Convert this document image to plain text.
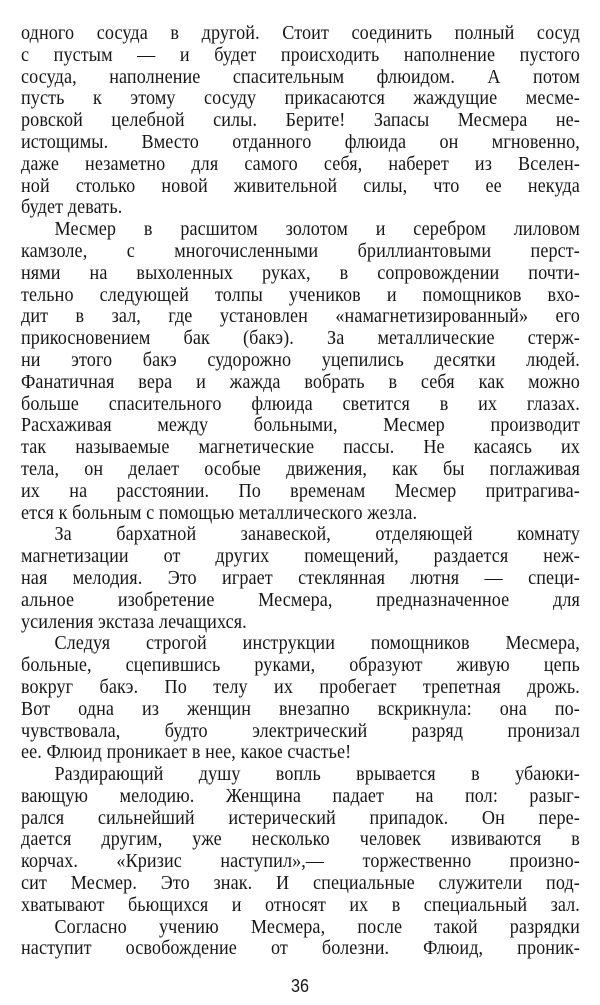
одного сосуда в другой. Стоит соединить полный сосуд
с пустым — и будет происходить наполнение пустого
сосуда, наполнение спасительным флюидом. А потом
пусть к этому сосуду прикасаются жаждущие месме-
ровской целебной силы. Берите! Запасы Месмера не-
истощимы. Вместо отданного флюида он мгновенно,
даже незаметно для самого себя, наберет из Вселен-
ной столько новой живительной силы, что ее некуда
будет девать.
Месмер в расшитом золотом и серебром лиловом
камзоле, с многочисленными бриллиантовыми перст-
нями на выхоленных руках, в сопровождении почти-
тельно следующей толпы учеников и помощников вхо-
дит в зал, где установлен «намагнетизированный» его
прикосновением бак (бакэ). За металлические стерж-
ни этого бакэ судорожно уцепились десятки людей.
Фанатичная вера и жажда вобрать в себя как можно
больше спасительного флюида светится в их глазах.
Расхаживая между больными, Месмер производит
так называемые магнетические пассы. Не касаясь их
тела, он делает особые движения, как бы поглаживая
их на расстоянии. По временам Месмер притрагива-
ется к больным с помощью металлического жезла.
За бархатной занавеской, отделяющей комнату
магнетизации от других помещений, раздается неж-
ная мелодия. Это играет стеклянная лютня — специ-
альное изобретение Месмера, предназначенное для
усиления экстаза лечащихся.
Следуя строгой инструкции помощников Месмера,
больные, сцепившись руками, образуют живую цепь
вокруг бакэ. По телу их пробегает трепетная дрожь.
Вот одна из женщин внезапно вскрикнула: она по-
чувствовала, будто электрический разряд пронизал
ее. Флюид проникает в нее, какое счастье!
Раздирающий душу вопль врывается в убаюки-
вающую мелодию. Женщина падает на пол: разыг-
рался сильнейший истерический припадок. Он пере-
дается другим, уже несколько человек извиваются в
корчах. «Кризис наступил»,— торжественно произно-
сит Месмер. Это знак. И специальные служители под-
хватывают бьющихся и относят их в специальный зал.
Согласно учению Месмера, после такой разрядки
наступит освобождение от болезни. Флюид, проник-
36
